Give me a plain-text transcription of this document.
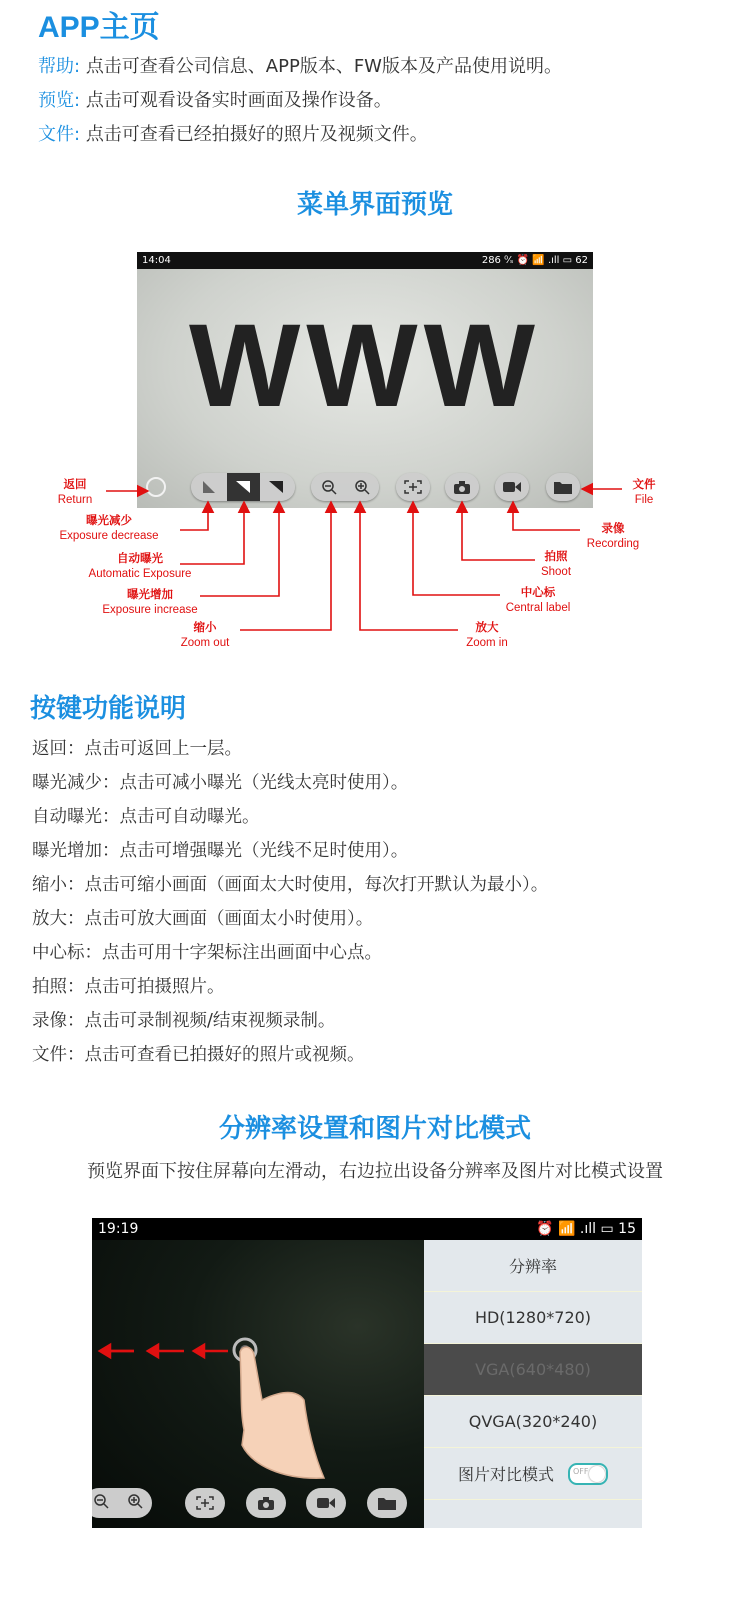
APP主页
帮助: 点击可查看公司信息、APP版本、FW版本及产品使用说明。
预览: 点击可观看设备实时画面及操作设备。
文件: 点击可查看已经拍摄好的照片及视频文件。
菜单界面预览
14:04	286 ⁰⁄ₛ ⏰ 📶 .ıll ▭ 62
WWW
返回
Return
曝光减少
Exposure decrease
自动曝光
Automatic Exposure
曝光增加
Exposure increase
缩小
Zoom out
放大
Zoom in
中心标
Central label
拍照
Shoot
录像
Recording
文件
File
按键功能说明
返回：点击可返回上一层。
曝光减少：点击可减小曝光（光线太亮时使用）。
自动曝光：点击可自动曝光。
曝光增加：点击可增强曝光（光线不足时使用）。
缩小：点击可缩小画面（画面太大时使用，每次打开默认为最小）。
放大：点击可放大画面（画面太小时使用）。
中心标：点击可用十字架标注出画面中心点。
拍照：点击可拍摄照片。
录像：点击可录制视频/结束视频录制。
文件：点击可查看已拍摄好的照片或视频。
分辨率设置和图片对比模式
预览界面下按住屏幕向左滑动，右边拉出设备分辨率及图片对比模式设置
19:19	⏰ 📶 .ıll ▭ 15
分辨率
HD(1280*720)
VGA(640*480)
QVGA(320*240)
图片对比模式 OFF
